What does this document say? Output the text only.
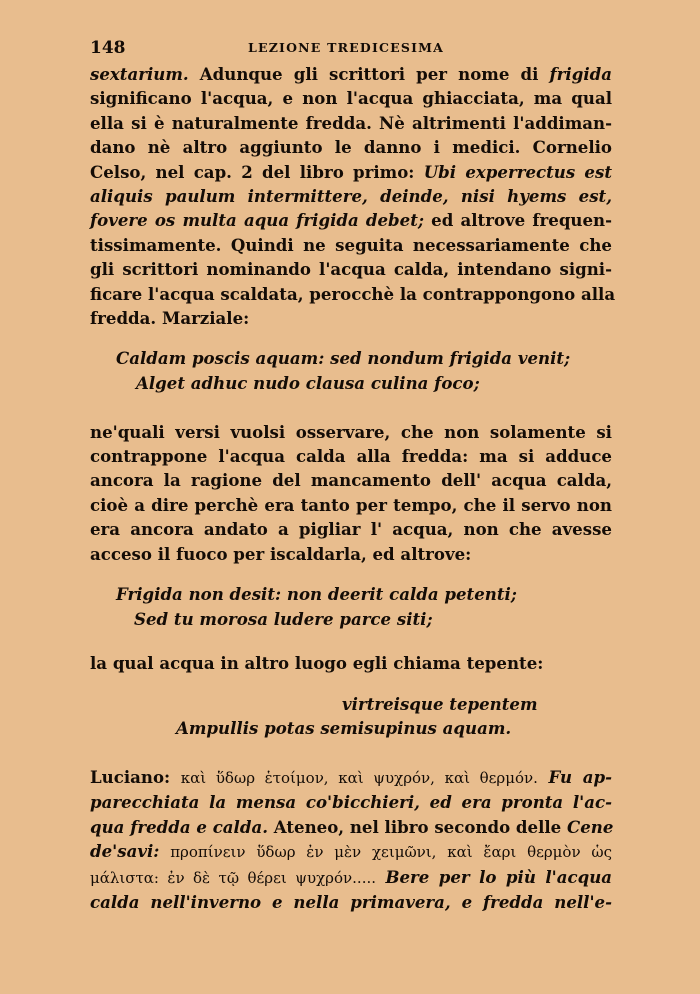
148	LEZIONE TREDICESIMA

sextarium. Adunque gli scrittori per nome di frigida
significano l'acqua, e non l'acqua ghiacciata, ma qual
ella si è naturalmente fredda. Nè altrimenti l'addiman-
dano nè altro aggiunto le danno i medici. Cornelio
Celso, nel cap. 2 del libro primo: Ubi experrectus est
aliquis paulum intermittere, deinde, nisi hyems est,
fovere os multa aqua frigida debet; ed altrove frequen-
tissimamente. Quindi ne seguita necessariamente che
gli scrittori nominando l'acqua calda, intendano signi-
ficare l'acqua scaldata, perocchè la contrappongono alla
fredda. Marziale:

Caldam poscis aquam: sed nondum frigida venit;
Alget adhuc nudo clausa culina foco;

ne'quali versi vuolsi osservare, che non solamente si
contrappone l'acqua calda alla fredda: ma si adduce
ancora la ragione del mancamento dell' acqua calda,
cioè a dire perchè era tanto per tempo, che il servo non
era ancora andato a pigliar l' acqua, non che avesse
acceso il fuoco per iscaldarla, ed altrove:

Frigida non desit: non deerit calda petenti;
Sed tu morosa ludere parce siti;

la qual acqua in altro luogo egli chiama tepente:

virtreisque tepentem
Ampullis potas semisupinus aquam.

Luciano: καὶ ὕδωρ ἑτοίμον, καὶ ψυχρόν, καὶ θερμόν. Fu ap-
parecchiata la mensa co'bicchieri, ed era pronta l'ac-
qua fredda e calda. Ateneo, nel libro secondo delle Cene
de'savi: προπίνειν ὕδωρ ἐν μὲν χειμῶνι, καὶ ἔαρι θερμὸν ὡς
μάλιστα: ἐν δὲ τῷ θέρει ψυχρόν..... Bere per lo più l'acqua
calda nell'inverno e nella primavera, e fredda nell'e-
